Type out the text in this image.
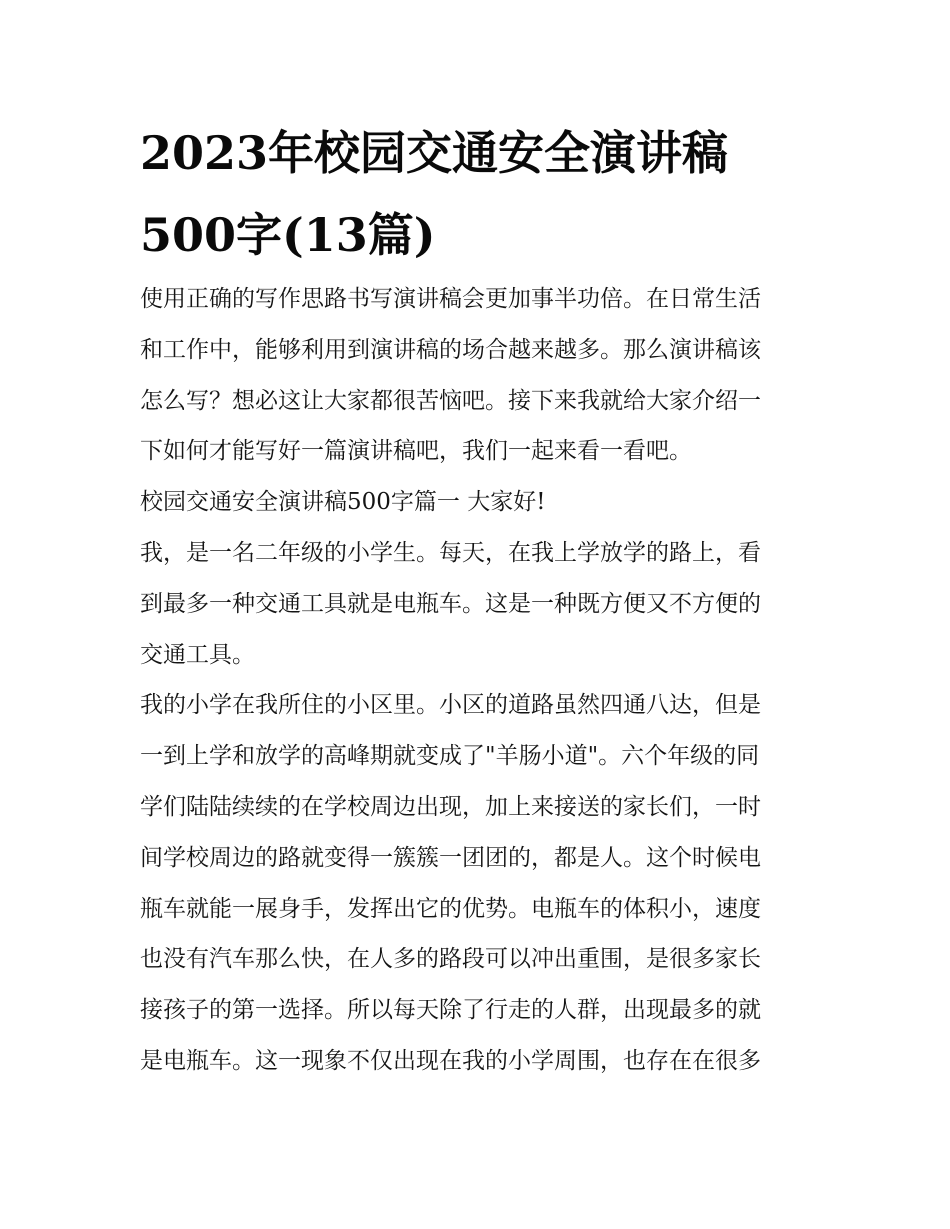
2023年校园交通安全演讲稿
500字(13篇)
使用正确的写作思路书写演讲稿会更加事半功倍。在日常生活
和工作中，能够利用到演讲稿的场合越来越多。那么演讲稿该
怎么写？想必这让大家都很苦恼吧。接下来我就给大家介绍一
下如何才能写好一篇演讲稿吧，我们一起来看一看吧。
校园交通安全演讲稿500字篇一 大家好!
我，是一名二年级的小学生。每天，在我上学放学的路上，看
到最多一种交通工具就是电瓶车。这是一种既方便又不方便的
交通工具。
我的小学在我所住的小区里。小区的道路虽然四通八达，但是
一到上学和放学的高峰期就变成了"羊肠小道"。六个年级的同
学们陆陆续续的在学校周边出现，加上来接送的家长们，一时
间学校周边的路就变得一簇簇一团团的，都是人。这个时候电
瓶车就能一展身手，发挥出它的优势。电瓶车的体积小，速度
也没有汽车那么快，在人多的路段可以冲出重围，是很多家长
接孩子的第一选择。所以每天除了行走的人群，出现最多的就
是电瓶车。这一现象不仅出现在我的小学周围，也存在在很多
